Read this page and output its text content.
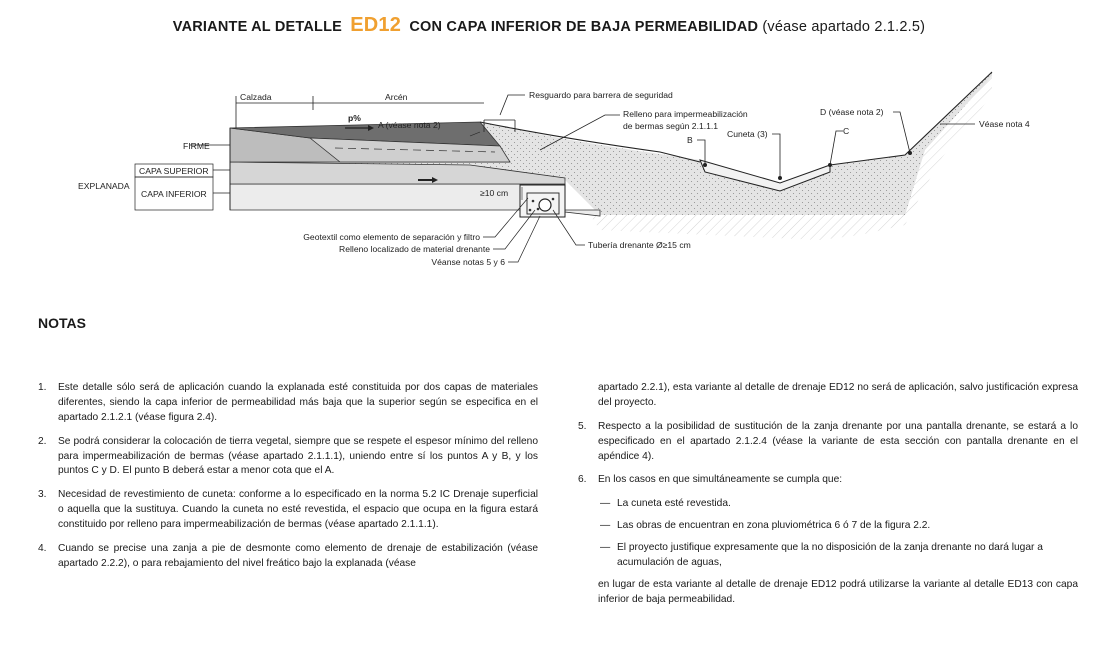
VARIANTE AL DETALLE ED12 CON CAPA INFERIOR DE BAJA PERMEABILIDAD (véase apartado 2.1.2.5)
Calzada	Arcén	Resguardo para barrera de seguridad
Relleno para impermeabilización
de bermas según 2.1.1.1
p%
A (véase nota 2)
B
Cuneta (3)	C
D (véase nota 2)
Véase nota 4
FIRME
CAPA SUPERIOR
CAPA INFERIOR
EXPLANADA
≥10 cm
Geotextil como elemento de separación y filtro
Relleno localizado de material drenante
Véanse notas 5 y 6
Tubería drenante Ø≥15 cm
NOTAS
1.	Este detalle sólo será de aplicación cuando la explanada esté constituida por dos capas de materiales diferentes, siendo la capa inferior de permeabilidad más baja que la superior según se especifica en el apartado 2.1.2.1 (véase figura 2.4).
2.	Se podrá considerar la colocación de tierra vegetal, siempre que se respete el espesor mínimo del relleno para impermeabilización de bermas (véase apartado 2.1.1.1), uniendo entre sí los puntos A y B, y los puntos C y D. El punto B deberá estar a menor cota que el A.
3.	Necesidad de revestimiento de cuneta: conforme a lo especificado en la norma 5.2 IC Drenaje superficial o aquella que la sustituya. Cuando la cuneta no esté revestida, el espacio que ocupa en la figura estará constituido por relleno para impermeabilización de bermas (véase apartado 2.1.1.1).
4.	Cuando se precise una zanja a pie de desmonte como elemento de drenaje de estabilización (véase apartado 2.2.2), o para rebajamiento del nivel freático bajo la explanada (véase
apartado 2.2.1), esta variante al detalle de drenaje ED12 no será de aplicación, salvo justificación expresa del proyecto.
5.	Respecto a la posibilidad de sustitución de la zanja drenante por una pantalla drenante, se estará a lo especificado en el apartado 2.1.2.4 (véase la variante de esta sección con pantalla drenante en el apéndice 4).
6.	En los casos en que simultáneamente se cumpla que:
— La cuneta esté revestida.
— Las obras de encuentran en zona pluviométrica 6 ó 7 de la figura 2.2.
— El proyecto justifique expresamente que la no disposición de la zanja drenante no dará lugar a acumulación de aguas,
en lugar de esta variante al detalle de drenaje ED12 podrá utilizarse la variante al detalle ED13 con capa inferior de baja permeabilidad.
